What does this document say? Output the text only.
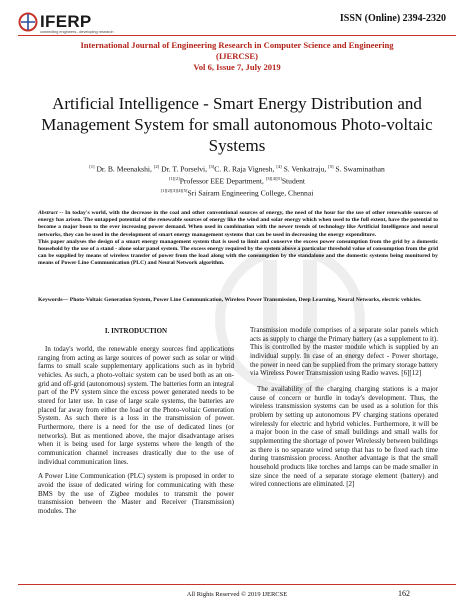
IFERP
connecting engineers...developing research
ISSN (Online) 2394-2320
International Journal of Engineering Research in Computer Science and Engineering
(IJERCSE)
Vol 6, Issue 7, July 2019
Artificial Intelligence - Smart Energy Distribution and Management System for small autonomous Photo-voltaic Systems
[1] Dr. B. Meenakshi, [2] Dr. T. Porselvi, [3]C. R. Raja Vignesh, [4] S. Venkatraju, [5] S. Swaminathan
[1][2]Professor EEE Department, [3][4][5]Student
[1][2][3][4][5]Sri Sairam Engineering College, Chennai

Abstract -- In today's world, with the decrease in the coal and other conventional sources of energy, the need of the hour for the use of other renewable sources of energy has arisen. The untapped potential of the renewable sources of energy like the wind and solar energy which when used to the full extent, have the potential to become a major boon to the ever increasing power demand. When used in combination with the newer trends of technology like Artificial Intelligence and neural networks, they can be used in the development of smart energy management systems that can be used in decreasing the energy expenditure.

This paper analyses the design of a smart energy management system that is used to limit and conserve the excess power consumption from the grid by a domestic household by the use of a stand - alone solar panel system. The excess energy required by the system above a particular threshold value of consumption from the grid can be supplied by means of wireless transfer of power from the load along with the consumption by the standalone and the domestic systems being monitored by means of Power Line Communication (PLC) and Neural Network algorithm.

Keywords— Photo-Voltaic Generation System, Power Line Communication, Wireless Power Transmission, Deep Learning, Neural Networks, electric vehicles.
I. INTRODUCTION

In today's world, the renewable energy sources find applications ranging from acting as large sources of power such as solar or wind farms to small scale supplementary applications such as in hybrid vehicles. As such, a photo-voltaic system can be used both as an on-grid and off-grid (autonomous) system. The batteries form an integral part of the PV system since the excess power generated needs to be stored for later use. In case of large scale systems, the batteries are placed far away from either the load or the Photo-voltaic Generation System. As such there is a loss in the transmission of power. Furthermore, there is a need for the use of dedicated lines (or networks). But as mentioned above, the major disadvantage arises when it is being used for large systems where the length of the communication channel increases drastically due to the use of individual communication lines.

A Power Line Communication (PLC) system is proposed in order to avoid the issue of dedicated wiring for communicating with these BMS by the use of Zigbee modules to transmit the power transmission between the Master and Receiver (Transmission) modules. The

Transmission module comprises of a separate solar panels which acts as supply to charge the Primary battery (as a supplement to it). This is controlled by the master module which is supplied by an individual supply. In case of an energy defect - Power shortage, the power in need can be supplied from the primary storage battery via Wireless Power Transmission using Radio waves. [6][12]

The availability of the charging charging stations is a major cause of concern or hurdle in today's development. Thus, the wireless transmission systems can be used as a solution for this problem by setting up autonomous PV charging stations operated wirelessly for electric and hybrid vehicles. Furthermore, it will be a major boon in the case of small buildings and small walls for supplementing the shortage of power Wirelessly between buildings as there is no separate wired setup that has to be fixed each time during transmission process. Another advantage is that the small household products like torches and lamps can be made smaller in size since the need of a separate storage element (battery) and wired connections are eliminated. [2]

All Rights Reserved © 2019 IJERCSE	162
